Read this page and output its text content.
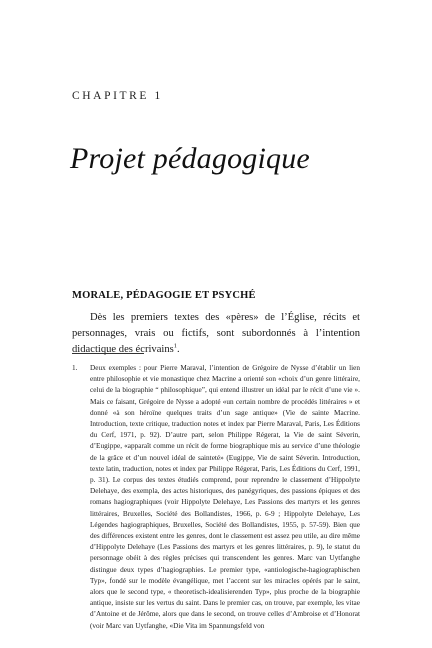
CHAPITRE 1
Projet pédagogique
MORALE, PÉDAGOGIE ET PSYCHÉ

Dès les premiers textes des «pères» de l’Église, récits et personnages, vrais ou fictifs, sont subordonnés à l’intention didactique des écrivains$^1$.

1. Deux exemples : pour Pierre Maraval, l’intention de Grégoire de Nysse d’établir un lien entre philosophie et vie monastique chez Macrine a orienté son «choix d’un genre littéraire, celui de la biographie “ philosophique”, qui entend illustrer un idéal par le récit d’une vie ». Mais ce faisant, Grégoire de Nysse a adopté «un certain nombre de procédés littéraires » et donné «à son héroïne quelques traits d’un sage antique» (Vie de sainte Macrine. Introduction, texte critique, traduction notes et index par Pierre Maraval, Paris, Les Éditions du Cerf, 1971, p. 92). D’autre part, selon Philippe Régerat, la Vie de saint Séverin, d’Eugippe, «apparaît comme un récit de forme biographique mis au service d’une théologie de la grâce et d’un nouvel idéal de sainteté» (Eugippe, Vie de saint Séverin. Introduction, texte latin, traduction, notes et index par Philippe Régerat, Paris, Les Éditions du Cerf, 1991, p. 31). Le corpus des textes étudiés comprend, pour reprendre le classement d’Hippolyte Delehaye, des exempla, des actes historiques, des panégyriques, des passions épiques et des romans hagiographiques (voir Hippolyte Delehaye, Les Passions des martyrs et les genres littéraires, Bruxelles, Société des Bollandistes, 1966, p. 6-9 ; Hippolyte Delehaye, Les Légendes hagiographiques, Bruxelles, Société des Bollandistes, 1955, p. 57-59). Bien que des différences existent entre les genres, dont le classement est assez peu utile, au dire même d’Hippolyte Delehaye (Les Passions des martyrs et les genres littéraires, p. 9), le statut du personnage obéit à des règles précises qui transcendent les genres. Marc van Uytfanghe distingue deux types d’hagiographies. Le premier type, «antiologische-hagiographischen Typ», fondé sur le modèle évangélique, met l’accent sur les miracles opérés par le saint, alors que le second type, « theoretisch-idealisierenden Typ», plus proche de la biographie antique, insiste sur les vertus du saint. Dans le premier cas, on trouve, par exemple, les vitae d’Antoine et de Jérôme, alors que dans le second, on trouve celles d’Ambroise et d’Honorat (voir Marc van Uytfanghe, «Die Vita im Spannungsfeld von
